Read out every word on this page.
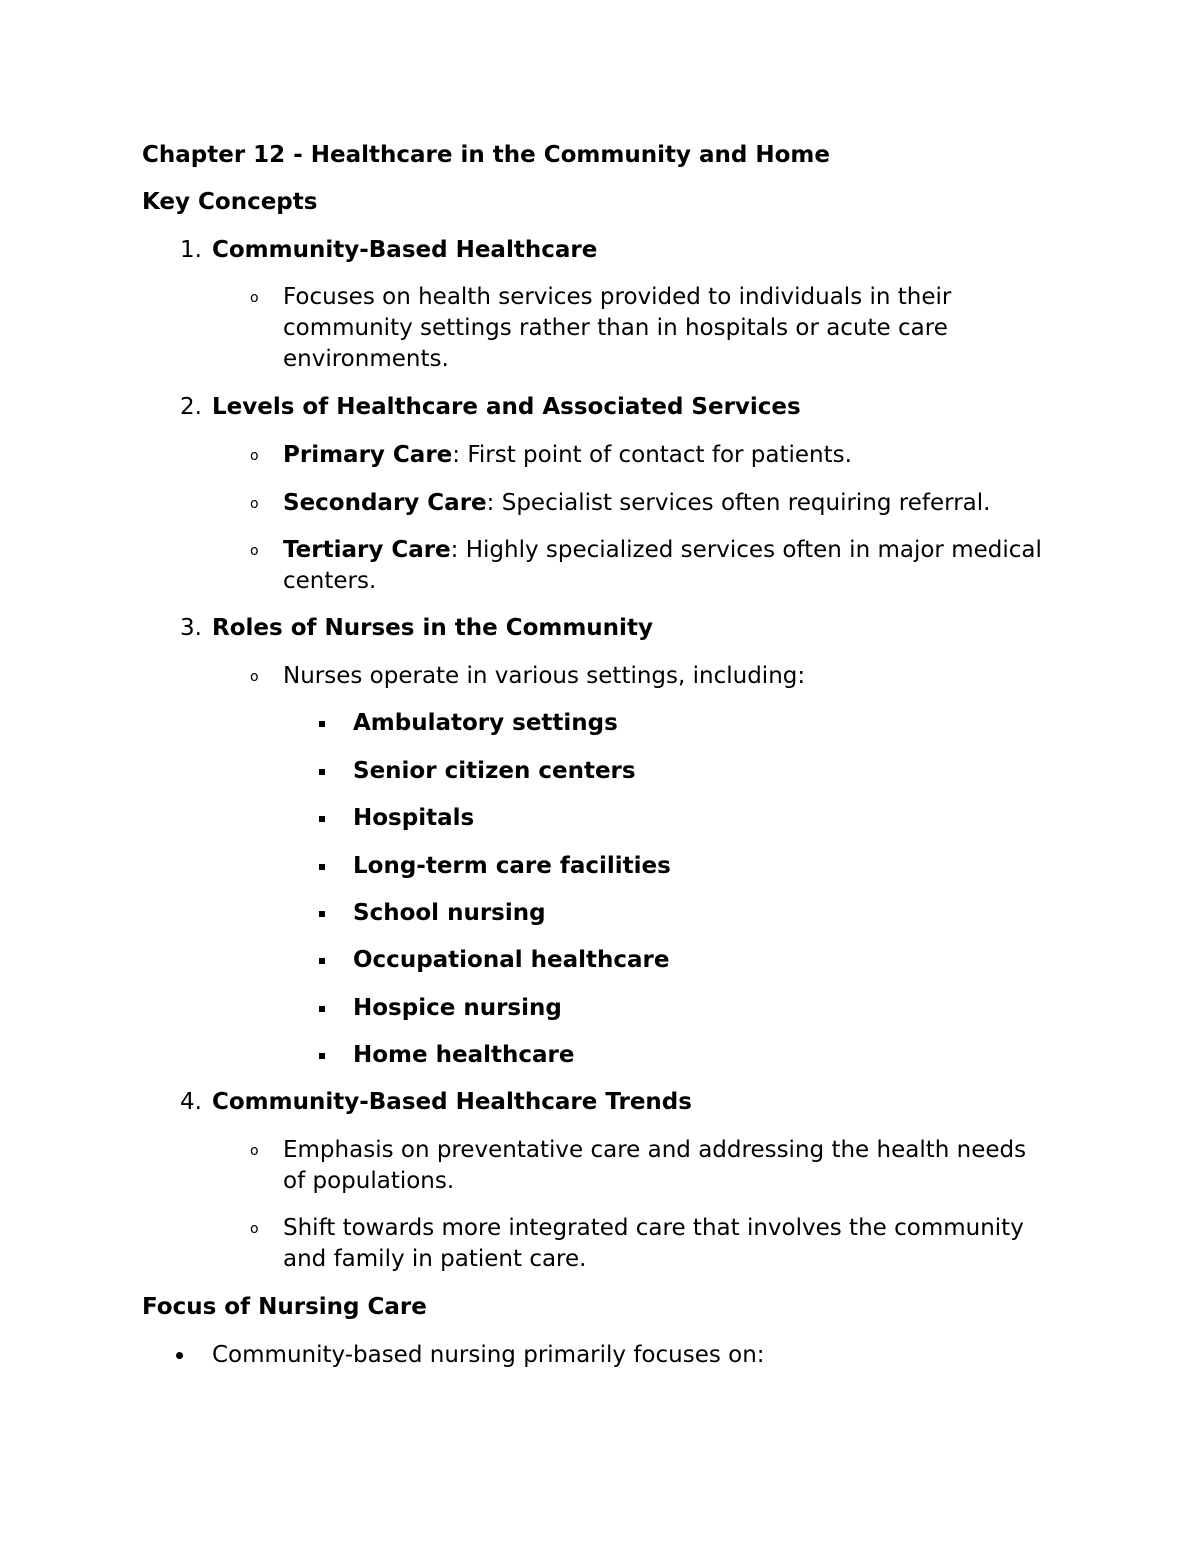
Chapter 12 - Healthcare in the Community and Home
Key Concepts
1. Community-Based Healthcare
o Focuses on health services provided to individuals in their
community settings rather than in hospitals or acute care
environments.
2. Levels of Healthcare and Associated Services
o Primary Care: First point of contact for patients.
o Secondary Care: Specialist services often requiring referral.
o Tertiary Care: Highly specialized services often in major medical
centers.
3. Roles of Nurses in the Community
o Nurses operate in various settings, including:
Ambulatory settings
Senior citizen centers
Hospitals
Long-term care facilities
School nursing
Occupational healthcare
Hospice nursing
Home healthcare
4. Community-Based Healthcare Trends
o Emphasis on preventative care and addressing the health needs
of populations.
o Shift towards more integrated care that involves the community
and family in patient care.
Focus of Nursing Care
Community-based nursing primarily focuses on:
